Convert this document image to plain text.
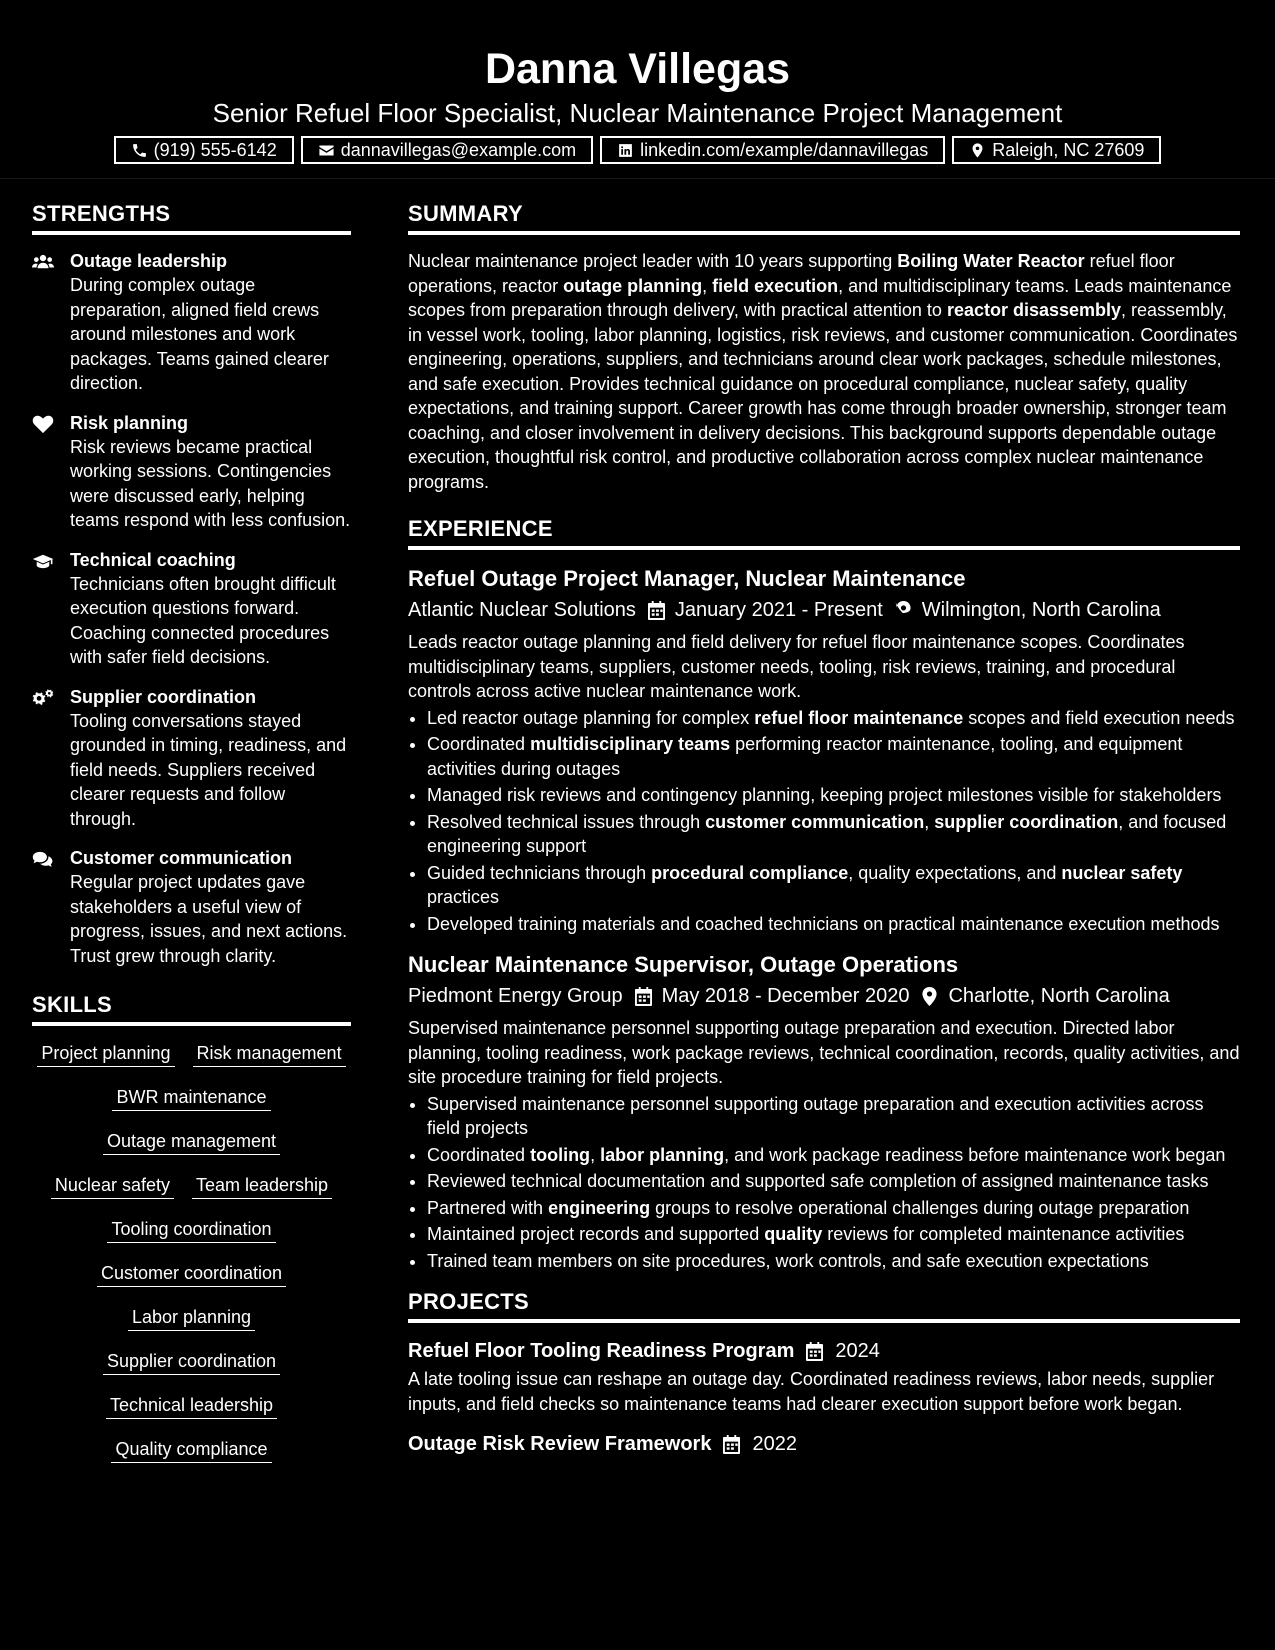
Danna Villegas
Senior Refuel Floor Specialist, Nuclear Maintenance Project Management
(919) 555-6142	dannavillegas@example.com	linkedin.com/example/dannavillegas	Raleigh, NC 27609
STRENGTHS
Outage leadership
During complex outage preparation, aligned field crews around milestones and work packages. Teams gained clearer direction.
Risk planning
Risk reviews became practical working sessions. Contingencies were discussed early, helping teams respond with less confusion.
Technical coaching
Technicians often brought difficult execution questions forward. Coaching connected procedures with safer field decisions.
Supplier coordination
Tooling conversations stayed grounded in timing, readiness, and field needs. Suppliers received clearer requests and follow through.
Customer communication
Regular project updates gave stakeholders a useful view of progress, issues, and next actions. Trust grew through clarity.
SKILLS
Project planning Risk management
BWR maintenance
Outage management
Nuclear safety Team leadership
Tooling coordination
Customer coordination
Labor planning
Supplier coordination
Technical leadership
Quality compliance
SUMMARY

Nuclear maintenance project leader with 10 years supporting Boiling Water Reactor refuel floor operations, reactor outage planning, field execution, and multidisciplinary teams. Leads maintenance scopes from preparation through delivery, with practical attention to reactor disassembly, reassembly, in vessel work, tooling, labor planning, logistics, risk reviews, and customer communication. Coordinates engineering, operations, suppliers, and technicians around clear work packages, schedule milestones, and safe execution. Provides technical guidance on procedural compliance, nuclear safety, quality expectations, and training support. Career growth has come through broader ownership, stronger team coaching, and closer involvement in delivery decisions. This background supports dependable outage execution, thoughtful risk control, and productive collaboration across complex nuclear maintenance programs.

EXPERIENCE
Refuel Outage Project Manager, Nuclear Maintenance
Atlantic Nuclear Solutions January 2021 - Present Wilmington, North Carolina
Leads reactor outage planning and field delivery for refuel floor maintenance scopes. Coordinates multidisciplinary teams, suppliers, customer needs, tooling, risk reviews, training, and procedural controls across active nuclear maintenance work.
• Led reactor outage planning for complex refuel floor maintenance scopes and field execution needs
• Coordinated multidisciplinary teams performing reactor maintenance, tooling, and equipment activities during outages
• Managed risk reviews and contingency planning, keeping project milestones visible for stakeholders
• Resolved technical issues through customer communication, supplier coordination, and focused engineering support
• Guided technicians through procedural compliance, quality expectations, and nuclear safety practices
• Developed training materials and coached technicians on practical maintenance execution methods
Nuclear Maintenance Supervisor, Outage Operations
Piedmont Energy Group May 2018 - December 2020 Charlotte, North Carolina
Supervised maintenance personnel supporting outage preparation and execution. Directed labor planning, tooling readiness, work package reviews, technical coordination, records, quality activities, and site procedure training for field projects.
• Supervised maintenance personnel supporting outage preparation and execution activities across field projects
• Coordinated tooling, labor planning, and work package readiness before maintenance work began
• Reviewed technical documentation and supported safe completion of assigned maintenance tasks
• Partnered with engineering groups to resolve operational challenges during outage preparation
• Maintained project records and supported quality reviews for completed maintenance activities
• Trained team members on site procedures, work controls, and safe execution expectations
PROJECTS
Refuel Floor Tooling Readiness Program 2024
A late tooling issue can reshape an outage day. Coordinated readiness reviews, labor needs, supplier inputs, and field checks so maintenance teams had clearer execution support before work began.
Outage Risk Review Framework 2022
